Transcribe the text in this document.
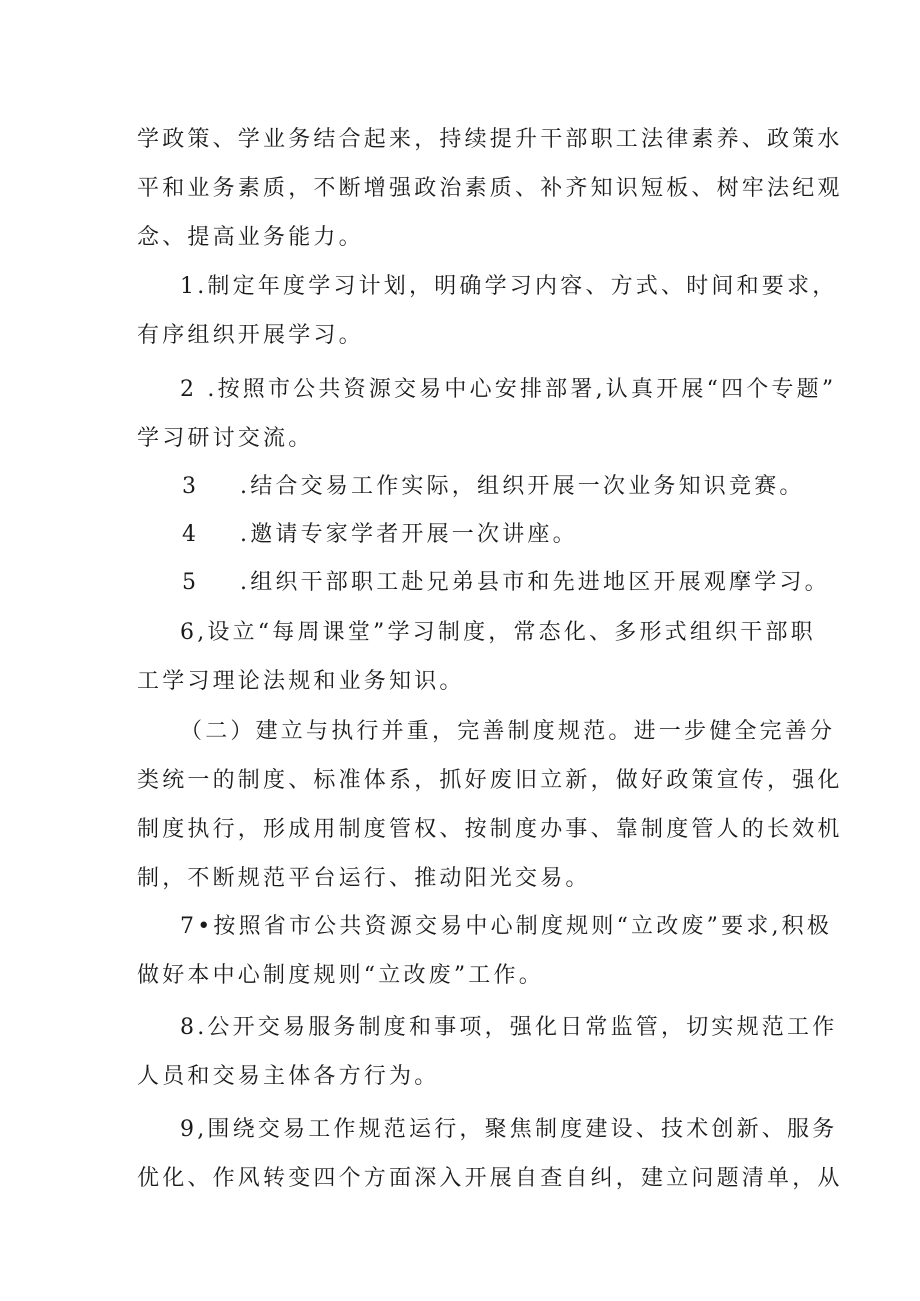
学政策、学业务结合起来，持续提升干部职工法律素养、政策水
平和业务素质，不断增强政治素质、补齐知识短板、树牢法纪观
念、提高业务能力。
1.制定年度学习计划，明确学习内容、方式、时间和要求，
有序组织开展学习。
2 .按照市公共资源交易中心安排部署,认真开展“四个专题”
学习研讨交流。
3 .结合交易工作实际，组织开展一次业务知识竞赛。
4 .邀请专家学者开展一次讲座。
5 .组织干部职工赴兄弟县市和先进地区开展观摩学习。
6,设立“每周课堂”学习制度，常态化、多形式组织干部职
工学习理论法规和业务知识。
（二）建立与执行并重，完善制度规范。进一步健全完善分
类统一的制度、标准体系，抓好废旧立新，做好政策宣传，强化
制度执行，形成用制度管权、按制度办事、靠制度管人的长效机
制，不断规范平台运行、推动阳光交易。
7•按照省市公共资源交易中心制度规则“立改废”要求,积极
做好本中心制度规则“立改废”工作。
8.公开交易服务制度和事项，强化日常监管，切实规范工作
人员和交易主体各方行为。
9,围绕交易工作规范运行，聚焦制度建设、技术创新、服务
优化、作风转变四个方面深入开展自查自纠，建立问题清单，从
